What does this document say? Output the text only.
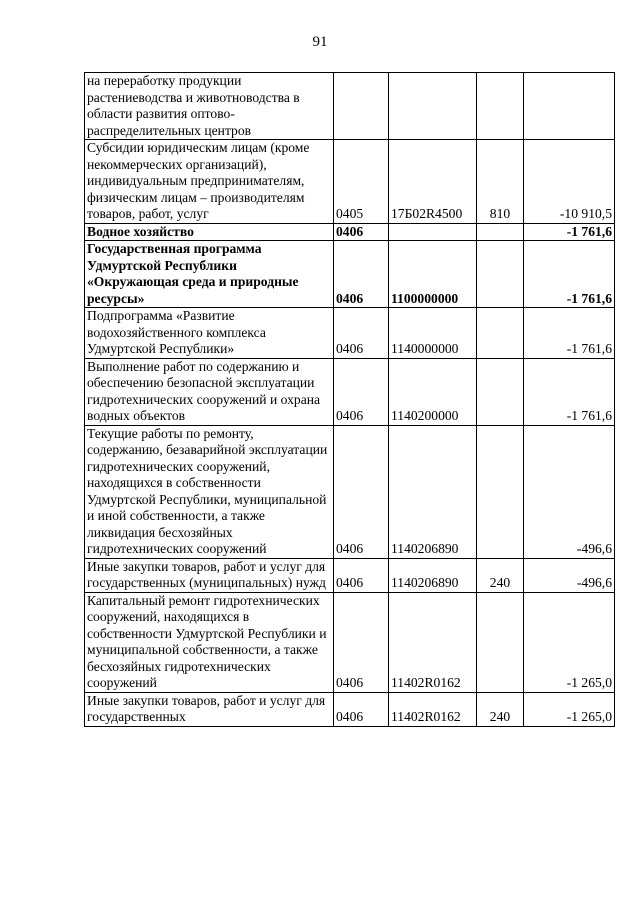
91
на переработку продукции растениеводства и животноводства в области развития оптово-распределительных центров				
Субсидии юридическим лицам (кроме некоммерческих организаций), индивидуальным предпринимателям, физическим лицам – производителям товаров, работ, услуг	0405	17Б02R4500	810	-10 910,5
Водное хозяйство	0406			-1 761,6
Государственная программа Удмуртской Республики «Окружающая среда и природные ресурсы»	0406	1100000000		-1 761,6
Подпрограмма «Развитие водохозяйственного комплекса Удмуртской Республики»	0406	1140000000		-1 761,6
Выполнение работ по содержанию и обеспечению безопасной эксплуатации гидротехнических сооружений и охрана водных объектов	0406	1140200000		-1 761,6
Текущие работы по ремонту, содержанию, безаварийной эксплуатации гидротехнических сооружений, находящихся в собственности Удмуртской Республики, муниципальной и иной собственности, а также ликвидация бесхозяйных гидротехнических сооружений	0406	1140206890		-496,6
Иные закупки товаров, работ и услуг для государственных (муниципальных) нужд	0406	1140206890	240	-496,6
Капитальный ремонт гидротехнических сооружений, находящихся в собственности Удмуртской Республики и муниципальной собственности, а также бесхозяйных гидротехнических сооружений	0406	11402R0162		-1 265,0
Иные закупки товаров, работ и услуг для государственных	0406	11402R0162	240	-1 265,0
